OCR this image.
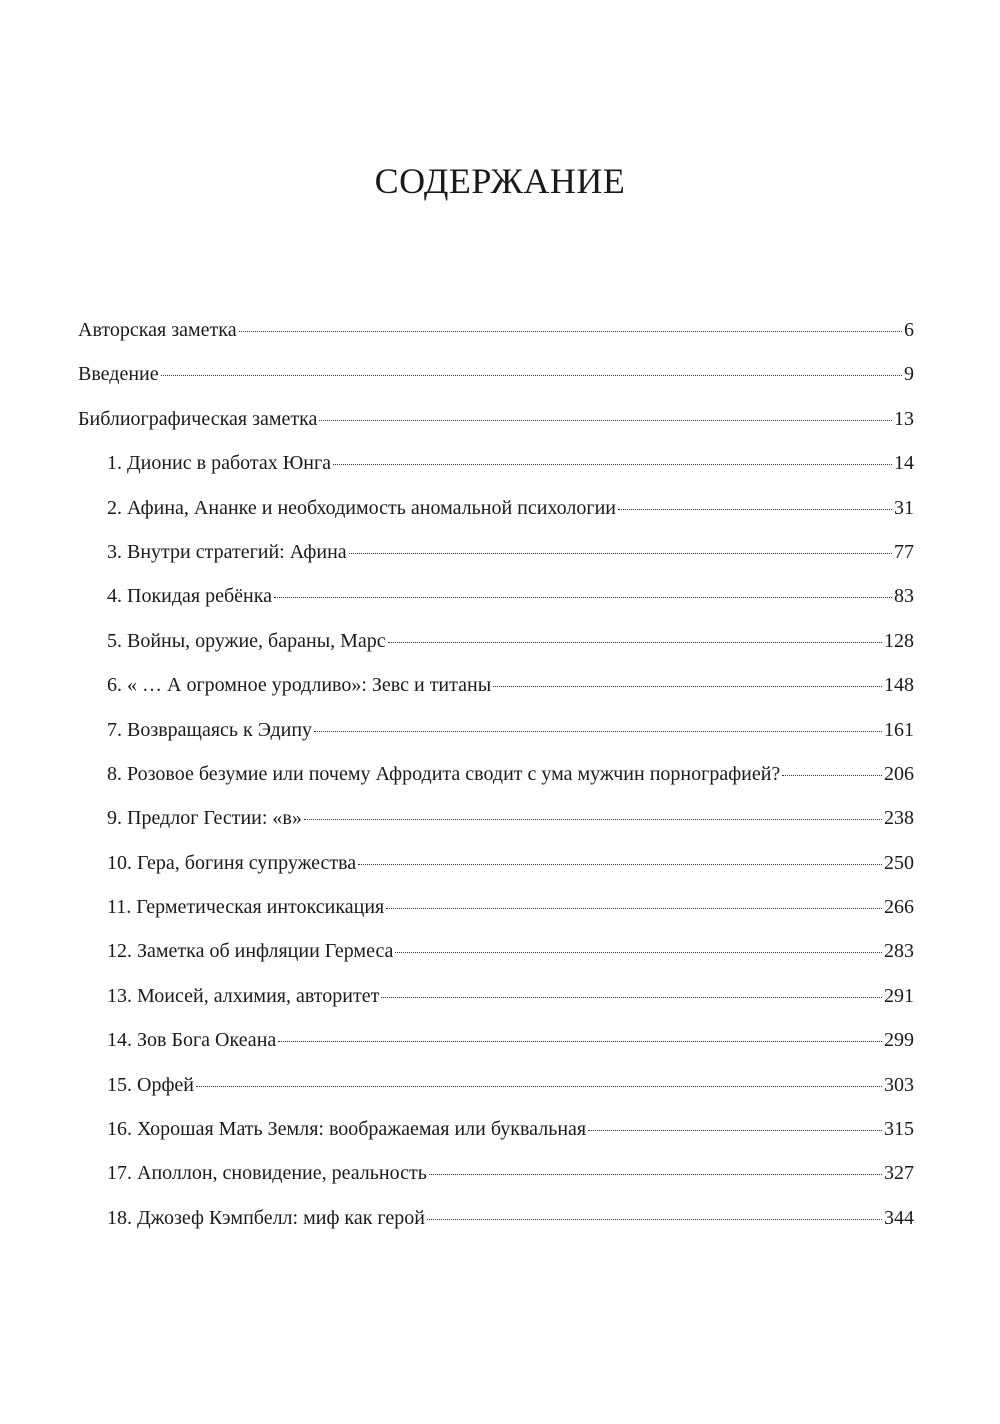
СОДЕРЖАНИЕ
Авторская заметка	6
Введение	9
Библиографическая заметка	13
1. Дионис в работах Юнга	14
2. Афина, Ананке и необходимость аномальной психологии	31
3. Внутри стратегий: Афина	77
4. Покидая ребёнка	83
5. Войны, оружие, бараны, Марс	128
6. « … А огромное уродливо»: Зевс и титаны	148
7. Возвращаясь к Эдипу	161
8. Розовое безумие или почему Афродита сводит с ума мужчин порнографией?	206
9. Предлог Гестии: «в»	238
10. Гера, богиня супружества	250
11. Герметическая интоксикация	266
12. Заметка об инфляции Гермеса	283
13. Моисей, алхимия, авторитет	291
14. Зов Бога Океана	299
15. Орфей	303
16. Хорошая Мать Земля: воображаемая или буквальная	315
17. Аполлон, сновидение, реальность	327
18. Джозеф Кэмпбелл: миф как герой	344
